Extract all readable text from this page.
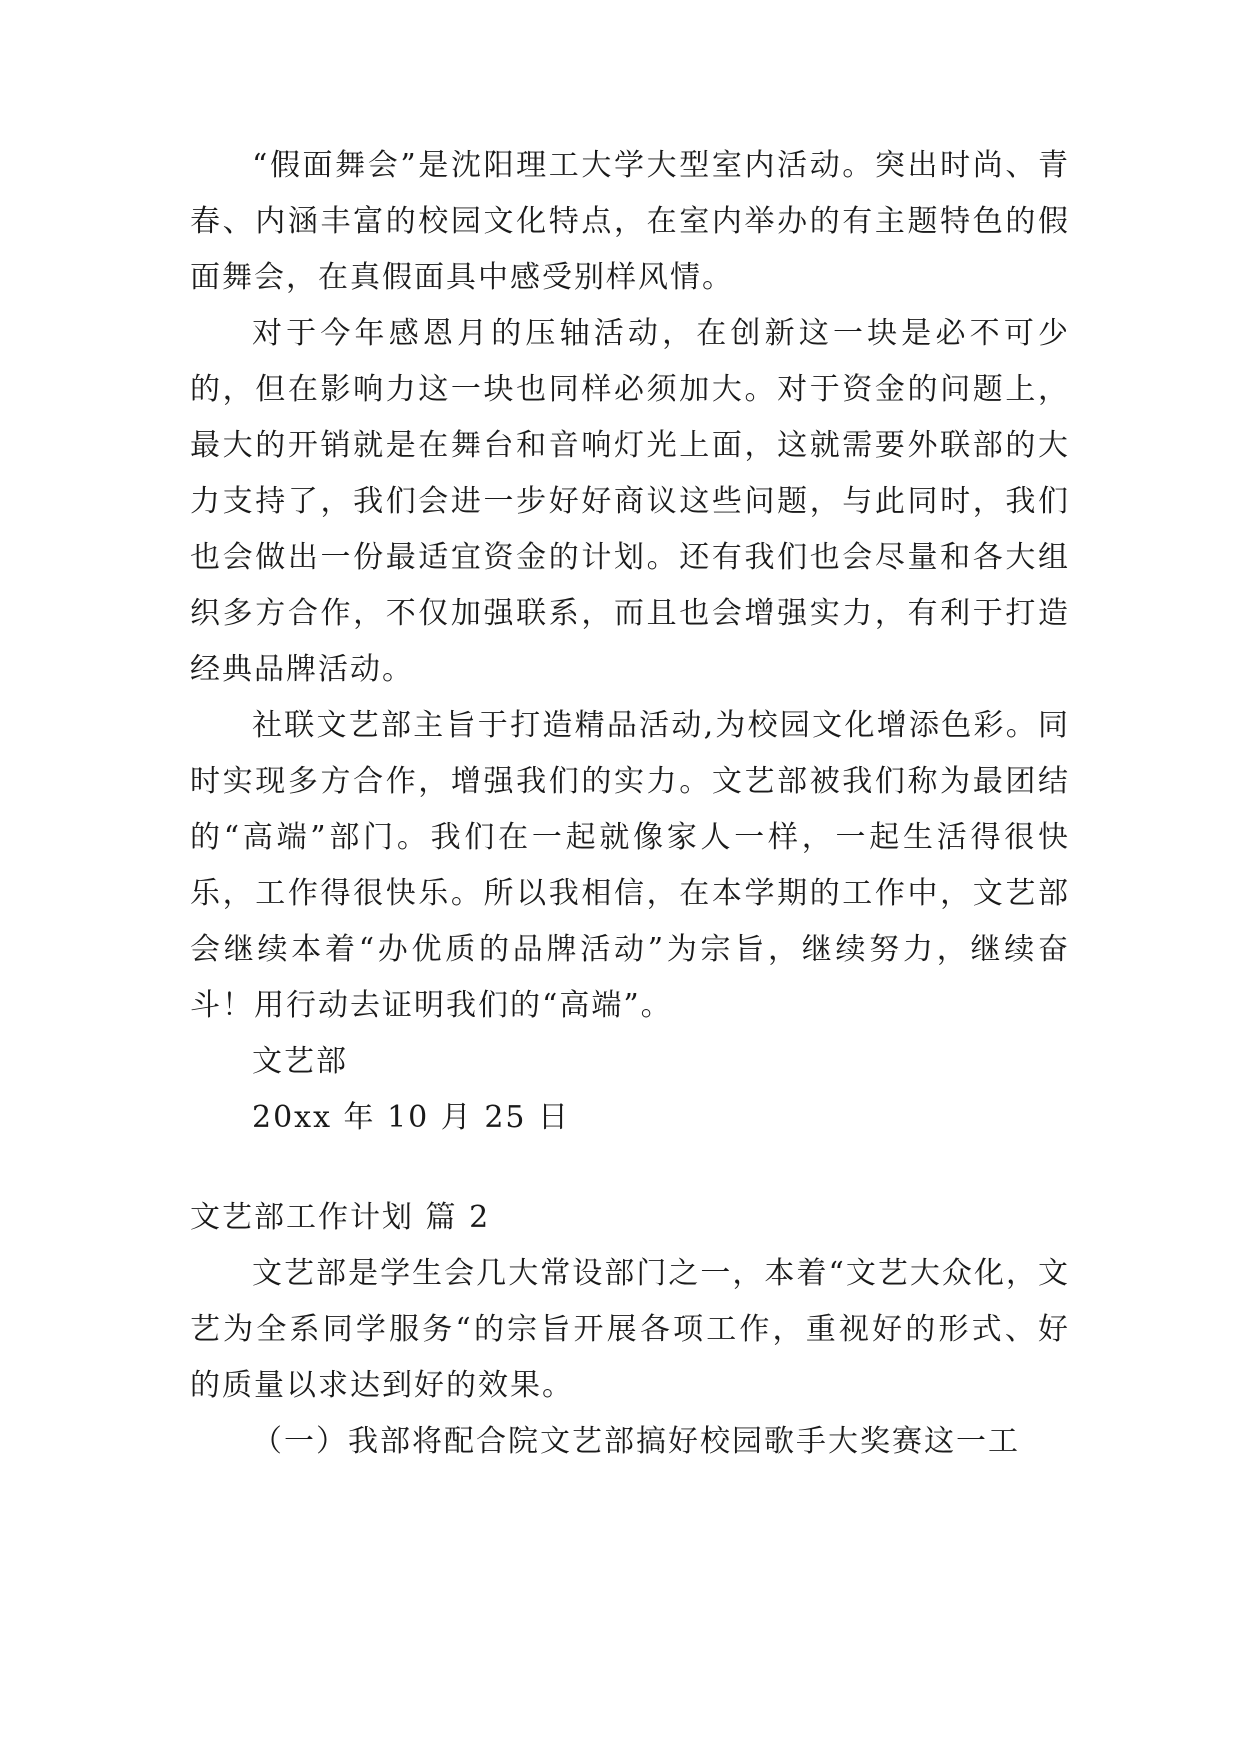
“假面舞会”是沈阳理工大学大型室内活动。突出时尚、青春、内涵丰富的校园文化特点，在室内举办的有主题特色的假面舞会，在真假面具中感受别样风情。

对于今年感恩月的压轴活动，在创新这一块是必不可少的，但在影响力这一块也同样必须加大。对于资金的问题上，最大的开销就是在舞台和音响灯光上面，这就需要外联部的大力支持了，我们会进一步好好商议这些问题，与此同时，我们也会做出一份最适宜资金的计划。还有我们也会尽量和各大组织多方合作，不仅加强联系，而且也会增强实力，有利于打造经典品牌活动。

社联文艺部主旨于打造精品活动,为校园文化增添色彩。同时实现多方合作，增强我们的实力。文艺部被我们称为最团结的“高端”部门。我们在一起就像家人一样，一起生活得很快乐，工作得很快乐。所以我相信，在本学期的工作中，文艺部会继续本着“办优质的品牌活动”为宗旨，继续努力，继续奋斗！用行动去证明我们的“高端”。

文艺部

20xx 年 10 月 25 日

文艺部工作计划 篇 2

文艺部是学生会几大常设部门之一，本着“文艺大众化，文艺为全系同学服务“的宗旨开展各项工作，重视好的形式、好的质量以求达到好的效果。

（一）我部将配合院文艺部搞好校园歌手大奖赛这一工
